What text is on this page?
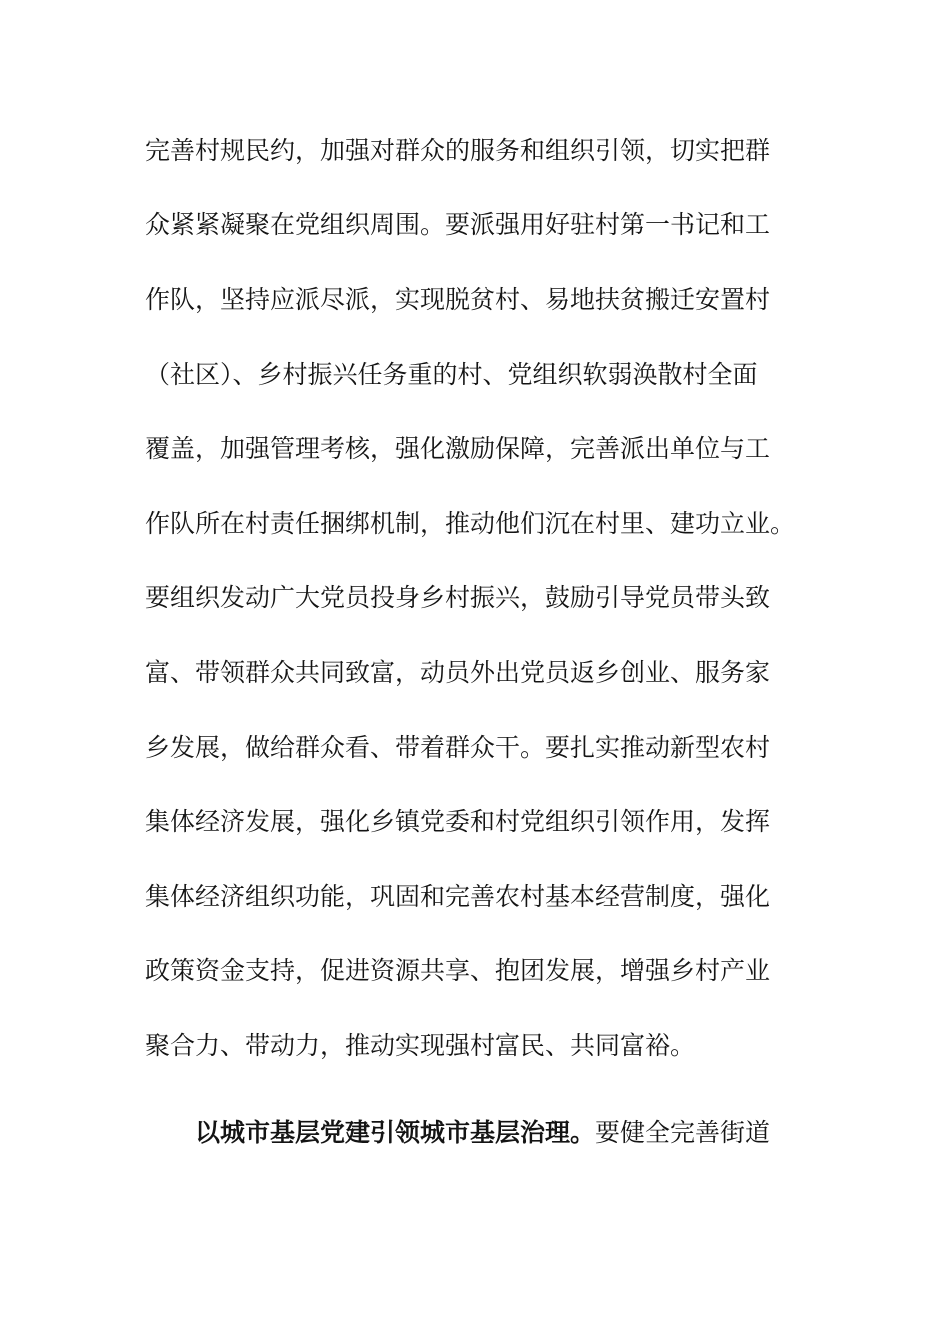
完善村规民约，加强对群众的服务和组织引领，切实把群
众紧紧凝聚在党组织周围。要派强用好驻村第一书记和工
作队，坚持应派尽派，实现脱贫村、易地扶贫搬迁安置村
（社区）、乡村振兴任务重的村、党组织软弱涣散村全面
覆盖，加强管理考核，强化激励保障，完善派出单位与工
作队所在村责任捆绑机制，推动他们沉在村里、建功立业。
要组织发动广大党员投身乡村振兴，鼓励引导党员带头致
富、带领群众共同致富，动员外出党员返乡创业、服务家
乡发展，做给群众看、带着群众干。要扎实推动新型农村
集体经济发展，强化乡镇党委和村党组织引领作用，发挥
集体经济组织功能，巩固和完善农村基本经营制度，强化
政策资金支持，促进资源共享、抱团发展，增强乡村产业
聚合力、带动力，推动实现强村富民、共同富裕。
以城市基层党建引领城市基层治理。要健全完善街道
